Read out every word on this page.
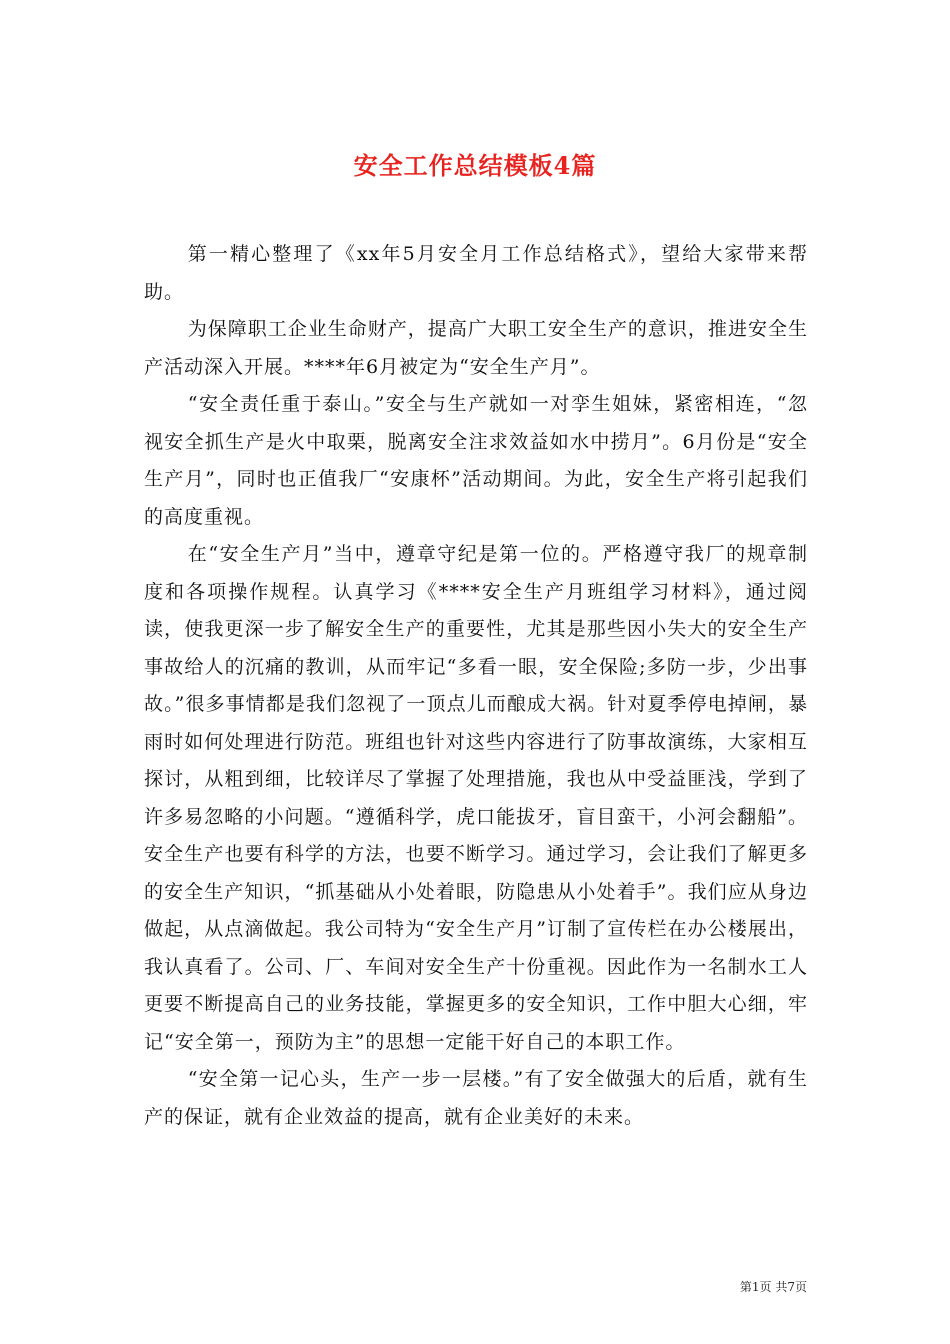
安全工作总结模板4篇

第一精心整理了《xx年5月安全月工作总结格式》，望给大家带来帮助。

为保障职工企业生命财产，提高广大职工安全生产的意识，推进安全生产活动深入开展。****年6月被定为“安全生产月”。

“安全责任重于泰山。”安全与生产就如一对孪生姐妹，紧密相连，“忽视安全抓生产是火中取栗，脱离安全注求效益如水中捞月”。6月份是“安全生产月”，同时也正值我厂“安康杯”活动期间。为此，安全生产将引起我们的高度重视。

在“安全生产月”当中，遵章守纪是第一位的。严格遵守我厂的规章制度和各项操作规程。认真学习《****安全生产月班组学习材料》，通过阅读，使我更深一步了解安全生产的重要性，尤其是那些因小失大的安全生产事故给人的沉痛的教训，从而牢记“多看一眼，安全保险;多防一步，少出事故。”很多事情都是我们忽视了一顶点儿而酿成大祸。针对夏季停电掉闸，暴雨时如何处理进行防范。班组也针对这些内容进行了防事故演练，大家相互探讨，从粗到细，比较详尽了掌握了处理措施，我也从中受益匪浅，学到了许多易忽略的小问题。“遵循科学，虎口能拔牙，盲目蛮干，小河会翻船”。安全生产也要有科学的方法，也要不断学习。通过学习，会让我们了解更多的安全生产知识，“抓基础从小处着眼，防隐患从小处着手”。我们应从身边做起，从点滴做起。我公司特为“安全生产月”订制了宣传栏在办公楼展出，我认真看了。公司、厂、车间对安全生产十份重视。因此作为一名制水工人更要不断提高自己的业务技能，掌握更多的安全知识，工作中胆大心细，牢记“安全第一，预防为主”的思想一定能干好自己的本职工作。

“安全第一记心头，生产一步一层楼。”有了安全做强大的后盾，就有生产的保证，就有企业效益的提高，就有企业美好的未来。

第1页 共7页
